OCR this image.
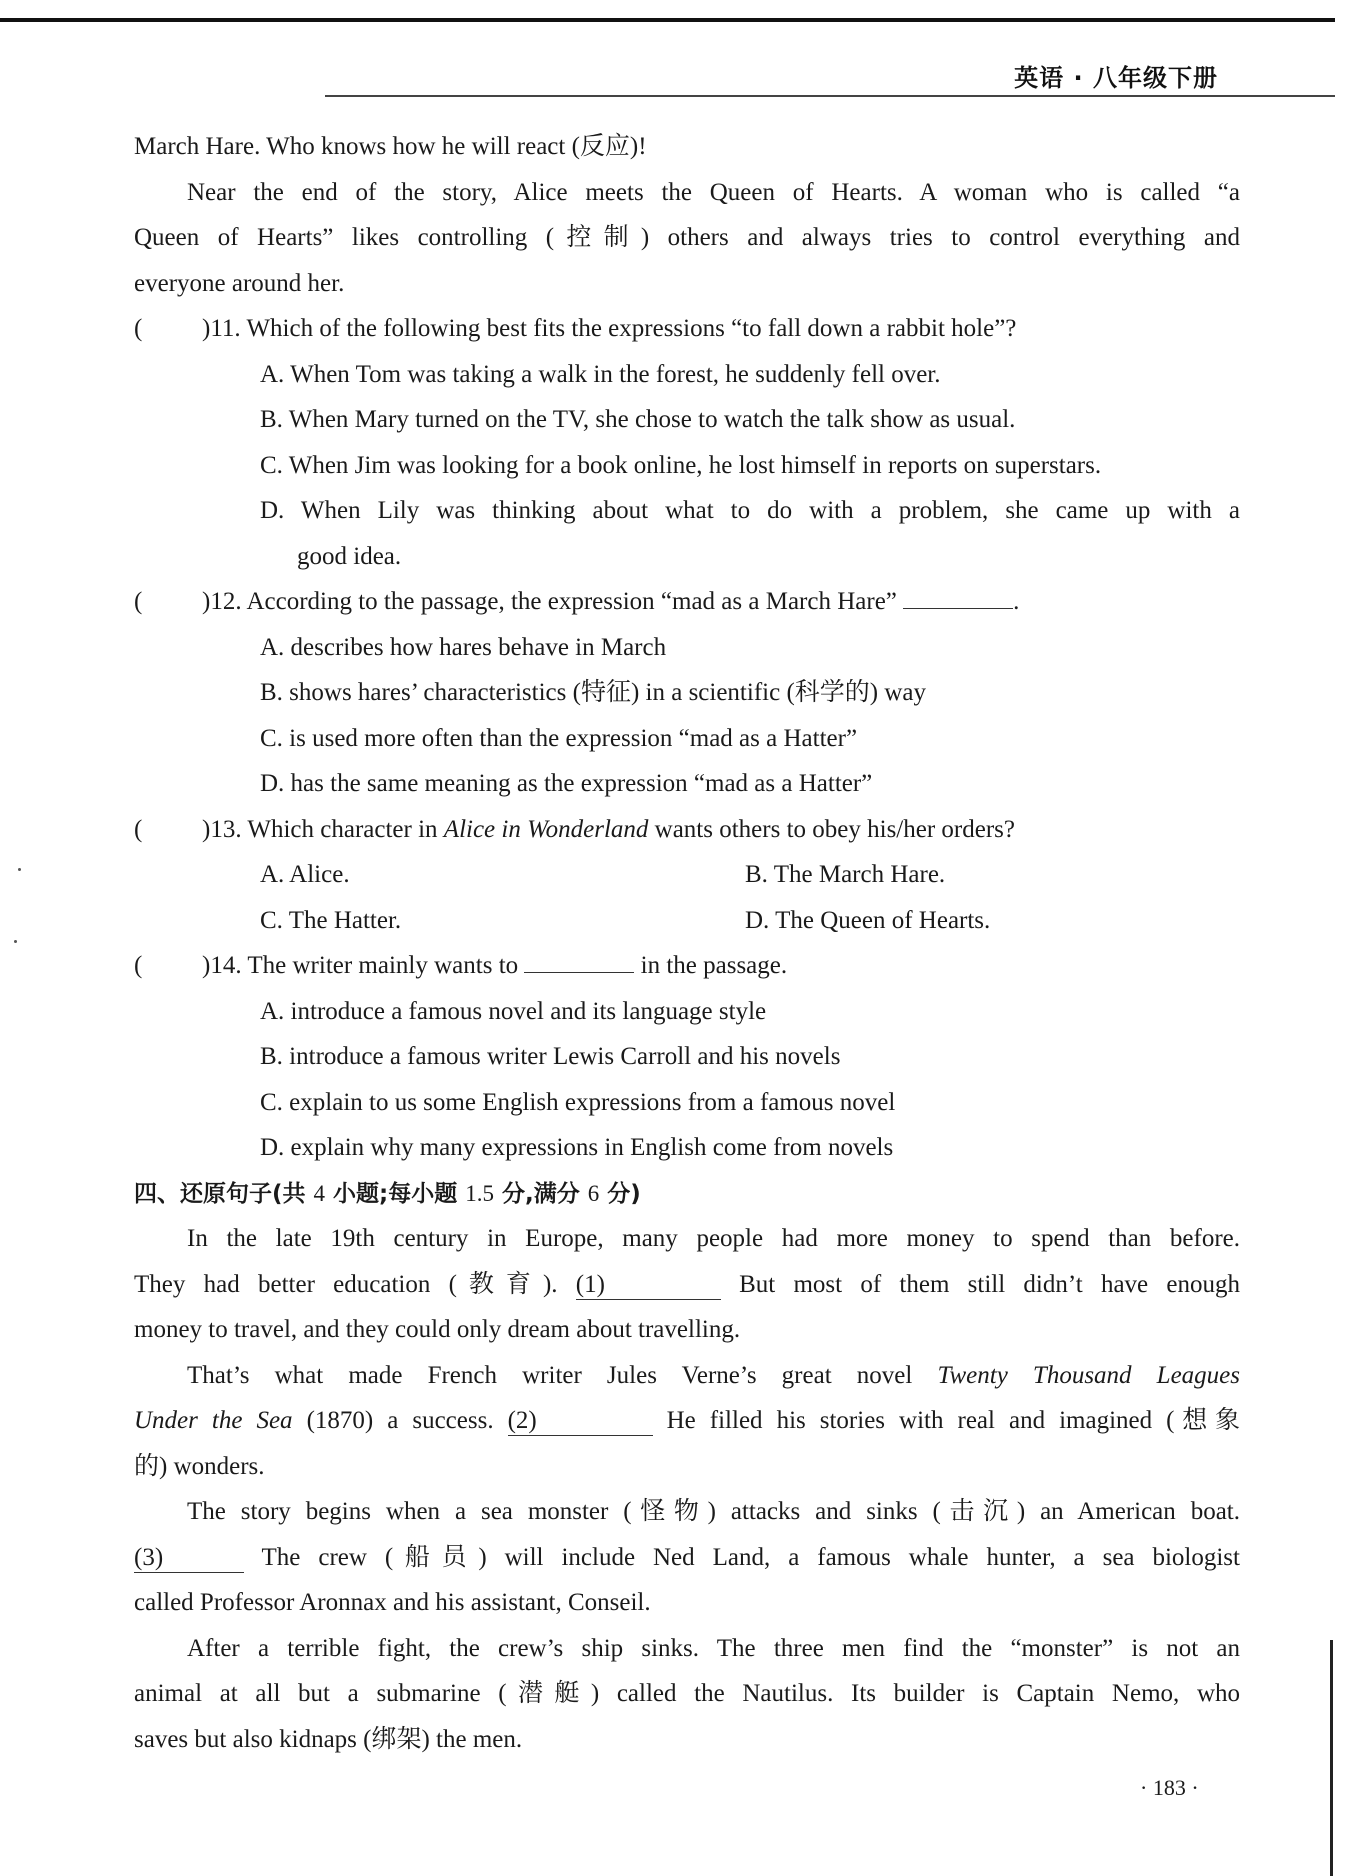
英语 · 八年级下册
March Hare. Who knows how he will react (反应)!
Near the end of the story, Alice meets the Queen of Hearts. A woman who is called “a
Queen of Hearts” likes controlling (控制) others and always tries to control everything and
everyone around her.
( )11. Which of the following best fits the expressions “to fall down a rabbit hole”?
A. When Tom was taking a walk in the forest, he suddenly fell over.
B. When Mary turned on the TV, she chose to watch the talk show as usual.
C. When Jim was looking for a book online, he lost himself in reports on superstars.
D. When Lily was thinking about what to do with a problem, she came up with a
good idea.
( )12. According to the passage, the expression “mad as a March Hare”	.
A. describes how hares behave in March
B. shows hares’ characteristics (特征) in a scientific (科学的) way
C. is used more often than the expression “mad as a Hatter”
D. has the same meaning as the expression “mad as a Hatter”
( )13. Which character in Alice in Wonderland wants others to obey his/her orders?
A. Alice.	B. The March Hare.
C. The Hatter.	D. The Queen of Hearts.
( )14. The writer mainly wants to	in the passage.
A. introduce a famous novel and its language style
B. introduce a famous writer Lewis Carroll and his novels
C. explain to us some English expressions from a famous novel
D. explain why many expressions in English come from novels
四、还原句子(共 4 小题;每小题 1.5 分,满分 6 分)
In the late 19th century in Europe, many people had more money to spend than before.
They had better education (教育). (1)	But most of them still didn’t have enough
money to travel, and they could only dream about travelling.
That’s what made French writer Jules Verne’s great novel Twenty Thousand Leagues
Under the Sea (1870) a success. (2)	He filled his stories with real and imagined (想象
的) wonders.
The story begins when a sea monster (怪物) attacks and sinks (击沉) an American boat.
(3)	The crew (船员) will include Ned Land, a famous whale hunter, a sea biologist
called Professor Aronnax and his assistant, Conseil.
After a terrible fight, the crew’s ship sinks. The three men find the “monster” is not an
animal at all but a submarine (潜艇) called the Nautilus. Its builder is Captain Nemo, who
saves but also kidnaps (绑架) the men.
· 183 ·
